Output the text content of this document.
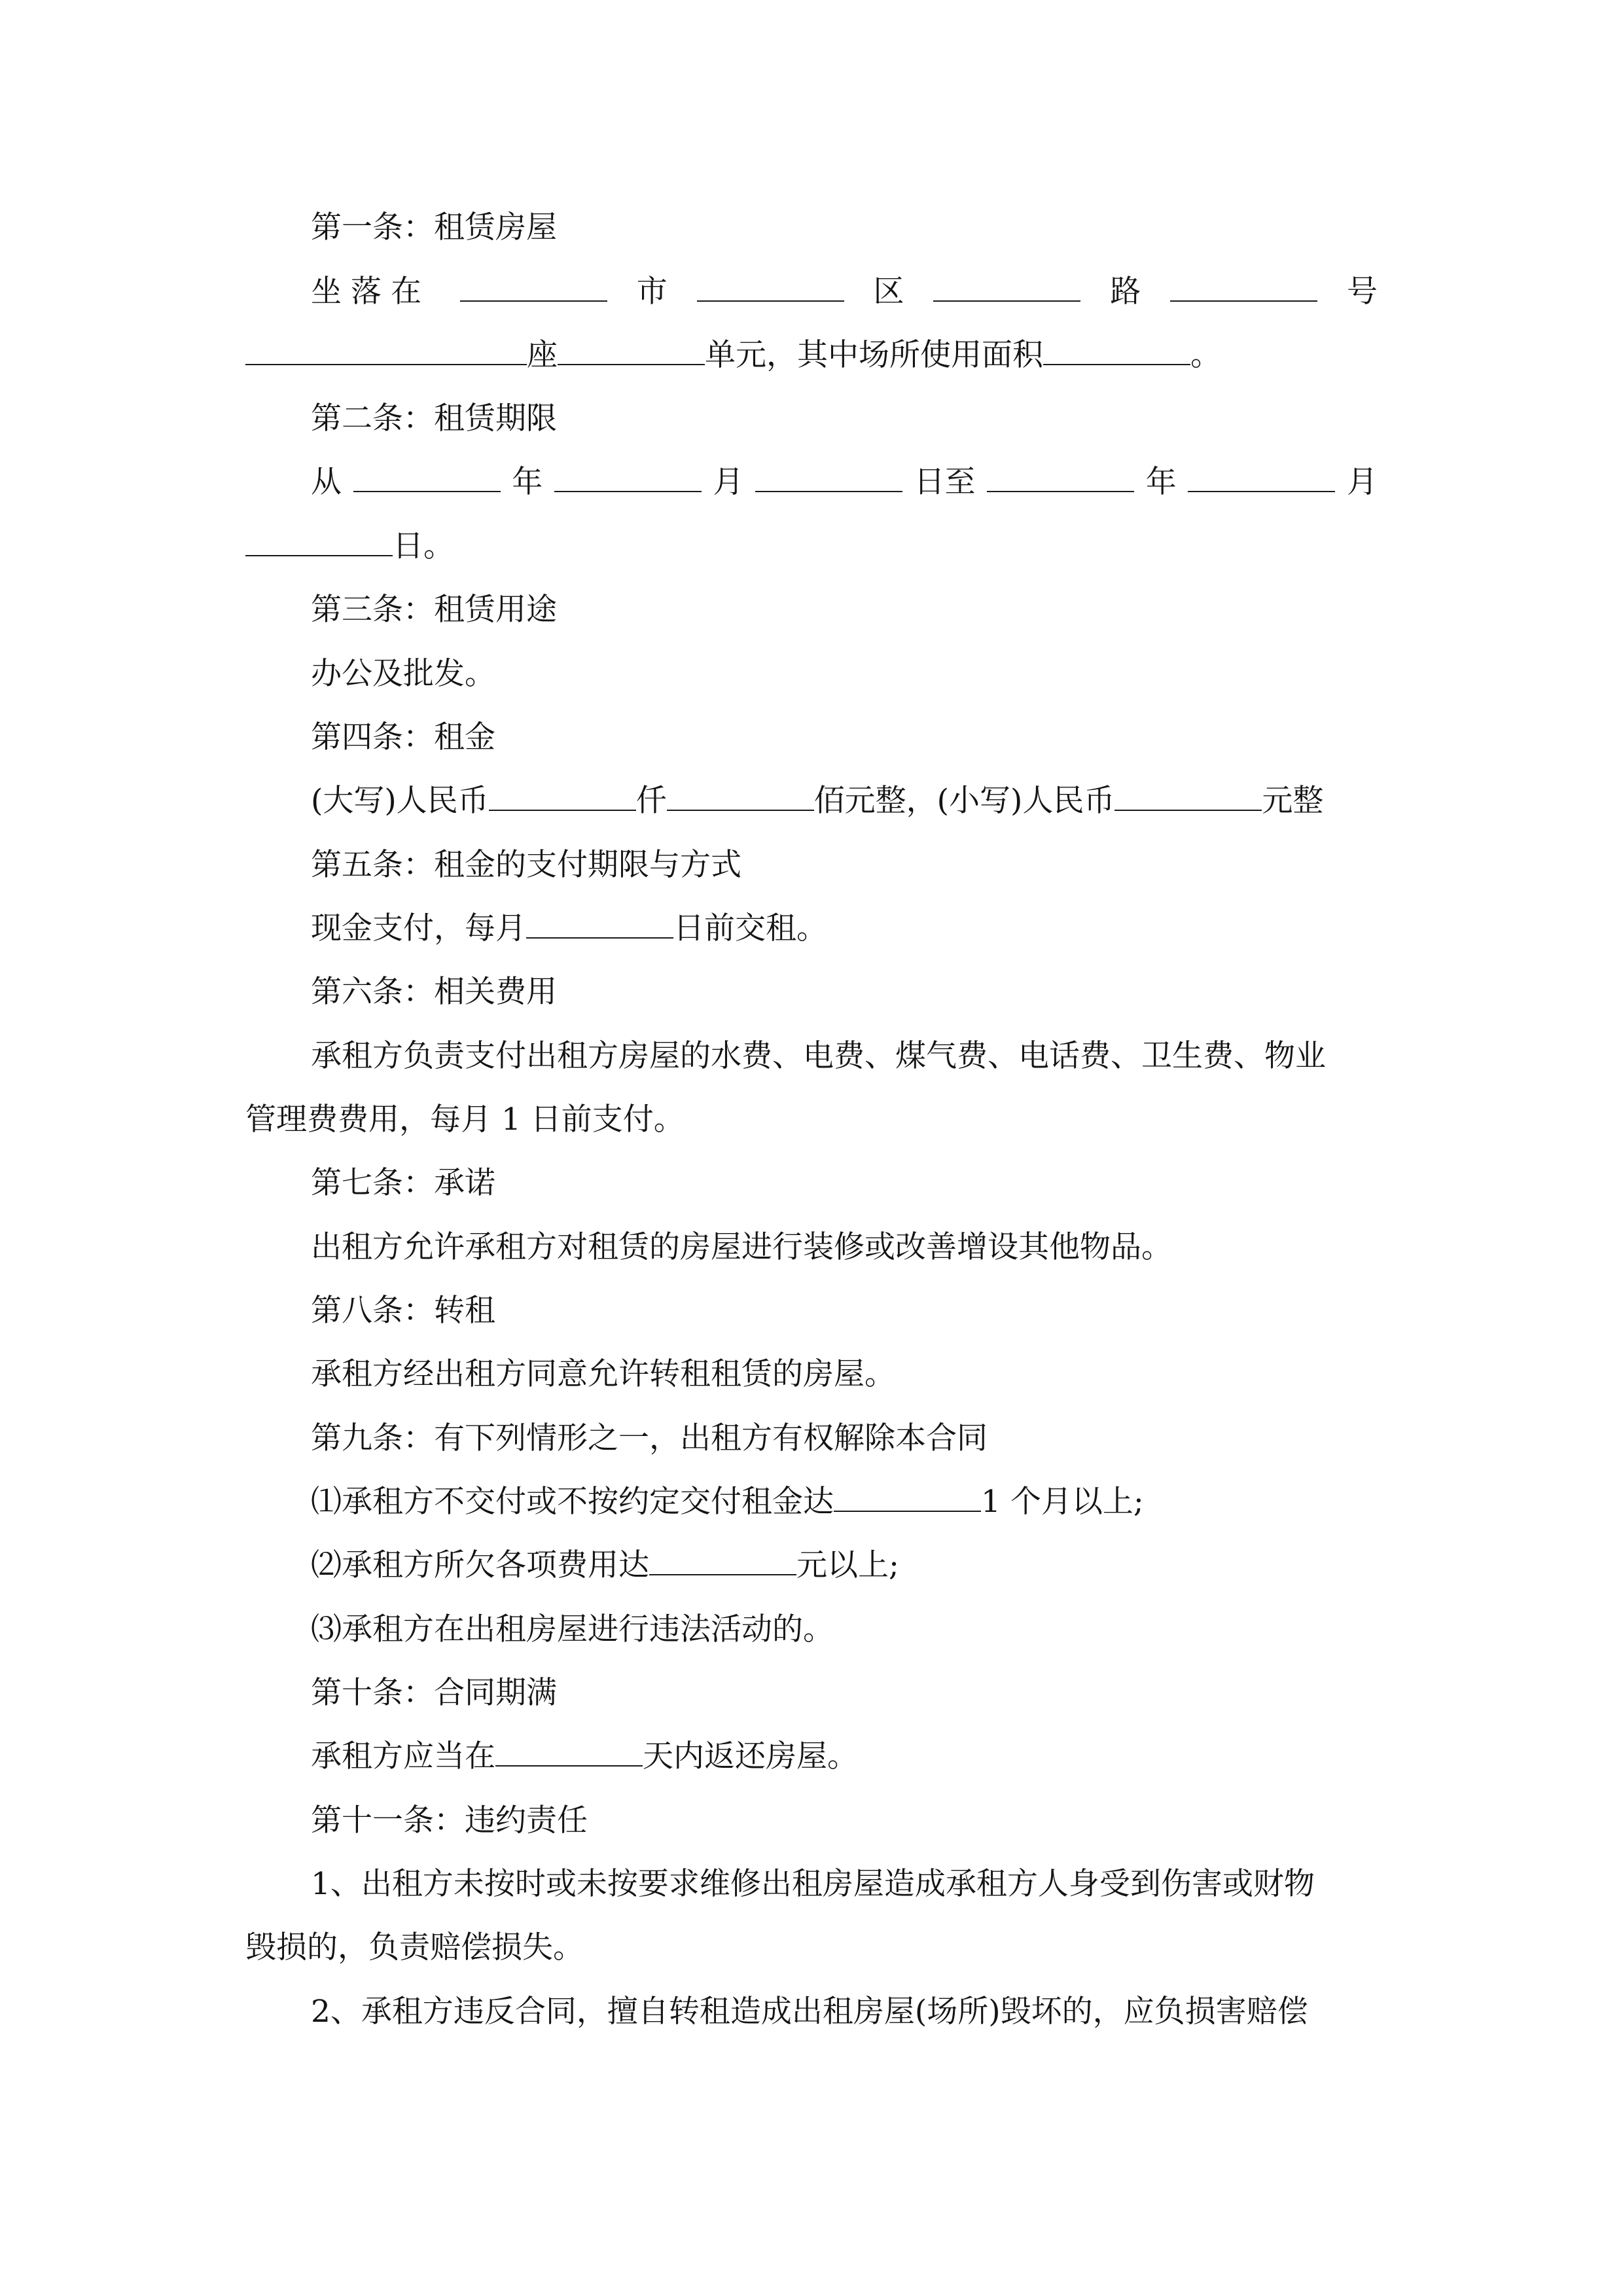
第一条：租赁房屋
坐落在	市	区	路	号
座	单元，其中场所使用面积	。
第二条：租赁期限
从	年	月	日至	年	月
日。
第三条：租赁用途
办公及批发。
第四条：租金
(大写)人民币	仟	佰元整，(小写)人民币	元整
第五条：租金的支付期限与方式
现金支付，每月	日前交租。
第六条：相关费用
承租方负责支付出租方房屋的水费、电费、煤气费、电话费、卫生费、物业
管理费费用，每月 1 日前支付。
第七条：承诺
出租方允许承租方对租赁的房屋进行装修或改善增设其他物品。
第八条：转租
承租方经出租方同意允许转租租赁的房屋。
第九条：有下列情形之一，出租方有权解除本合同
⑴承租方不交付或不按约定交付租金达	1 个月以上;
⑵承租方所欠各项费用达	元以上;
⑶承租方在出租房屋进行违法活动的。
第十条：合同期满
承租方应当在	天内返还房屋。
第十一条：违约责任
1、出租方未按时或未按要求维修出租房屋造成承租方人身受到伤害或财物
毁损的，负责赔偿损失。
2、承租方违反合同，擅自转租造成出租房屋(场所)毁坏的，应负损害赔偿
